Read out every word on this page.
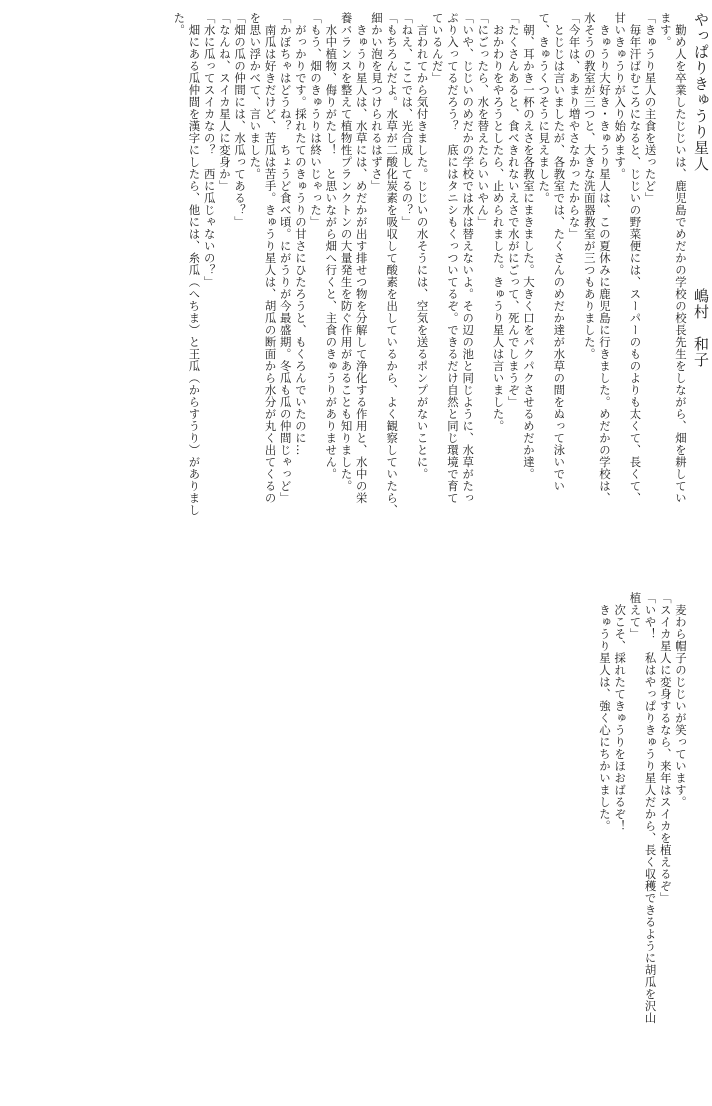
やっぱりきゅうり星人 嶋村　和子

　勤め人を卒業したじじいは、鹿児島でめだかの学校の校長先生をしながら、畑を耕してい

ます。

「きゅうり星人の主食を送ったど」

　毎年汗ばむころになると、じじいの野菜便には、スーパーのものよりも太くて、長くて、

甘いきゅうりが入り始めます。

　きゅうり大好き・きゅうり星人は、この夏休みに鹿児島に行きました。めだかの学校は、

水そうの教室が三つと、大きな洗面器教室が三つもありました。

「今年は、あまり増やさなかったからな」

　とじじは言いましたが、各教室では、たくさんのめだか達が水草の間をぬって泳いでい

て、きゅうくつそうに見えました。

　朝、耳かき一杯のえさを各教室にまきました。大きく口をパクパクさせるめだか達。

「たくさんあると、食べきれないえさで水がにごって、死んでしまうぞ」

　おかわりをやろうとしたら、止められました。きゅうり星人は言いました。

「にごったら、水を替えたらいいやん」

「いや、じじいのめだかの学校では水は替えないよ。その辺の池と同じように、水草がたっ

ぷり入ってるだろう？　底にはタニシもくっついてるぞ。できるだけ自然と同じ環境で育て

ているんだ」

　言われてから気付きました。じじいの水そうには、空気を送るポンプがないことに。

「ねえ、ここでは、光合成してるの？」

「もちろんだよ。水草が二酸化炭素を吸収して酸素を出しているから、よく観察していたら、

細かい泡を見つけられるはずさ」

　きゅうり星人は、水草には、めだかが出す排せつ物を分解して浄化する作用と、水中の栄

養バランスを整えて植物性プランクトンの大量発生を防ぐ作用があることも知りました。

　水中植物、侮りがたし！　と思いながら畑へ行くと、主食のきゅうりがありません。

「もう、畑のきゅうりは終いじゃった」

　がっかりです。採れたてのきゅうりの甘さにひたろうと、もくろんでいたのに…

「かぼちゃはどうね？　ちょうど食べ頃。にがうりが今最盛期。冬瓜も瓜の仲間じゃっど」

　南瓜は好きだけど、苦瓜は苦手。きゅうり星人は、胡瓜の断面から水分が丸く出てくるの

を思い浮かべて、言いました。

「畑の瓜の仲間には、水瓜ってある？」

「なんね、スイカ星人に変身か」

「水に瓜ってスイカなの？　西に瓜じゃないの？」

　畑にある瓜仲間を漢字にしたら、他には、糸瓜（へちま）と王瓜（からすうり）がありまし

た。

　麦わら帽子のじじいが笑っています。

「スイカ星人に変身するなら、来年はスイカを植えるぞ」

「いや！　私はやっぱりきゅうり星人だから、長く収穫できるように胡瓜を沢山植えて」

　次こそ、採れたてきゅうりをほおばるぞ！

　きゅうり星人は、強く心にちかいました。
